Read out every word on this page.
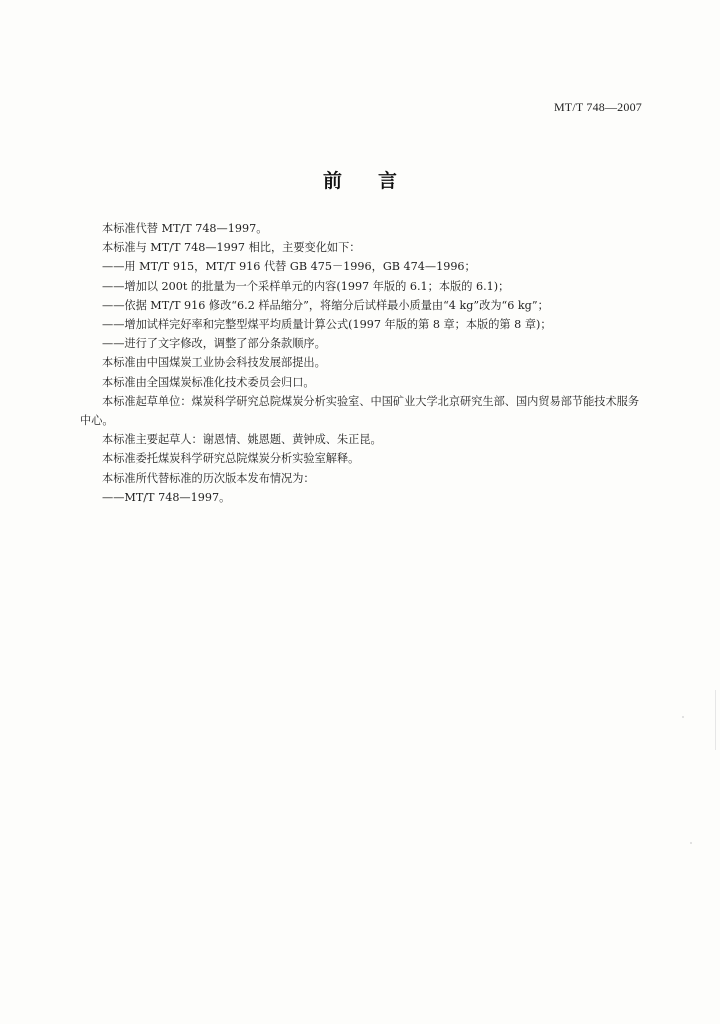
MT/T 748—2007
前言

本标准代替 MT/T 748—1997。

本标准与 MT/T 748—1997 相比，主要变化如下：

——用 MT/T 915，MT/T 916 代替 GB 475－1996，GB 474—1996；

——增加以 200t 的批量为一个采样单元的内容(1997 年版的 6.1；本版的 6.1)；

——依据 MT/T 916 修改“6.2 样品缩分”，将缩分后试样最小质量由“4 kg”改为“6 kg”；

——增加试样完好率和完整型煤平均质量计算公式(1997 年版的第 8 章；本版的第 8 章)；

——进行了文字修改，调整了部分条款顺序。

本标准由中国煤炭工业协会科技发展部提出。

本标准由全国煤炭标准化技术委员会归口。

本标准起草单位：煤炭科学研究总院煤炭分析实验室、中国矿业大学北京研究生部、国内贸易部节能技术服务中心。

本标准主要起草人：谢恩情、姚恩题、黄钟成、朱正昆。

本标准委托煤炭科学研究总院煤炭分析实验室解释。

本标准所代替标准的历次版本发布情况为：

——MT/T 748—1997。
